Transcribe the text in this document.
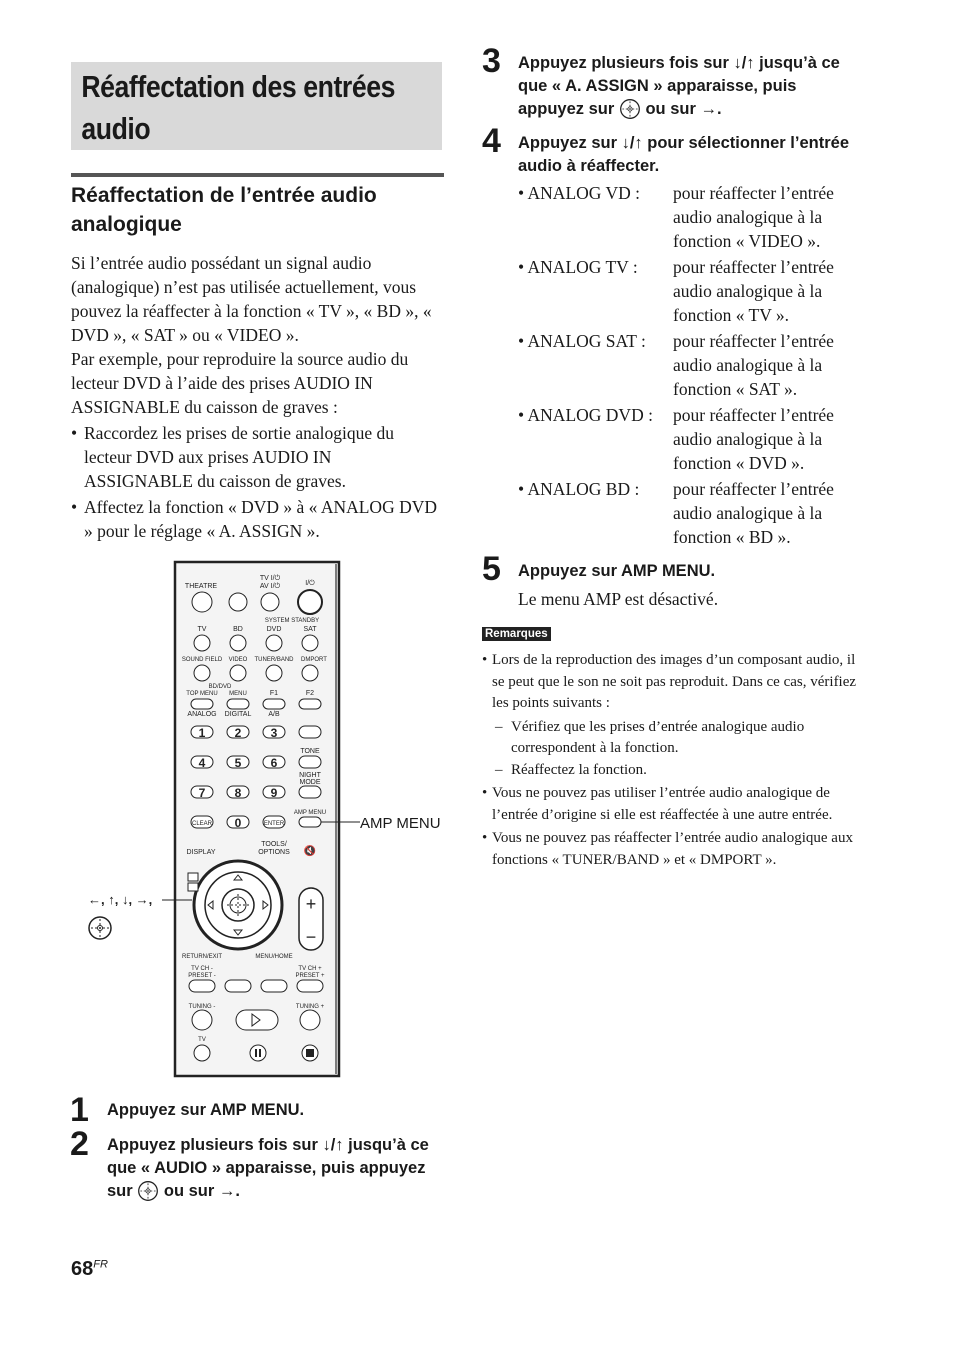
Réaffectation des entrées audio
Réaffectation de l’entrée audio analogique
Si l’entrée audio possédant un signal audio (analogique) n’est pas utilisée actuellement, vous pouvez la réaffecter à la fonction « TV », « BD », « DVD », « SAT » ou « VIDEO ».
Par exemple, pour reproduire la source audio du lecteur DVD à l’aide des prises AUDIO IN ASSIGNABLE du caisson de graves :
• Raccordez les prises de sortie analogique du lecteur DVD aux prises AUDIO IN ASSIGNABLE du caisson de graves.
• Affectez la fonction « DVD » à « ANALOG DVD » pour le réglage « A. ASSIGN ».
THEATRE
TV I/⏻
AV I/⏻	I/⏻
SYSTEM STANDBY
TV	BD	DVD	SAT
SOUND FIELD VIDEO TUNER/BAND DMPORT
BD/DVD
TOP MENU MENU	F1	F2
ANALOG DIGITAL A/B
1 2 3
4 5 6
7 8 9
0
TONE
NIGHT
MODE
CLEAR	ENTER
AMP MENU
DISPLAY
TOOLS/
OPTIONS 🔇
+
−
RETURN/EXIT	MENU/HOME
TV CH -
PRESET -
TV CH +
PRESET +
TUNING -	TUNING +
TV
AMP MENU
←, ↑, ↓, →,
1 Appuyez sur AMP MENU.
2 Appuyez plusieurs fois sur ↓/↑ jusqu’à ce que « AUDIO » apparaisse, puis appuyez sur ou sur →.
3 Appuyez plusieurs fois sur ↓/↑ jusqu’à ce que « A. ASSIGN » apparaisse, puis appuyez sur ou sur →.
4 Appuyez sur ↓/↑ pour sélectionner l’entrée audio à réaffecter.
• ANALOG VD :	pour réaffecter l’entrée audio analogique à la fonction « VIDEO ».
• ANALOG TV :	pour réaffecter l’entrée audio analogique à la fonction « TV ».
• ANALOG SAT :	pour réaffecter l’entrée audio analogique à la fonction « SAT ».
• ANALOG DVD :	pour réaffecter l’entrée audio analogique à la fonction « DVD ».
• ANALOG BD :	pour réaffecter l’entrée audio analogique à la fonction « BD ».
5 Appuyez sur AMP MENU.
Le menu AMP est désactivé.
Remarques
• Lors de la reproduction des images d’un composant audio, il se peut que le son ne soit pas reproduit. Dans ce cas, vérifiez les points suivants :
– Vérifiez que les prises d’entrée analogique audio correspondent à la fonction.
– Réaffectez la fonction.
• Vous ne pouvez pas utiliser l’entrée audio analogique de l’entrée d’origine si elle est réaffectée à une autre entrée.
• Vous ne pouvez pas réaffecter l’entrée audio analogique aux fonctions « TUNER/BAND » et « DMPORT ».
$68^{FR}$
